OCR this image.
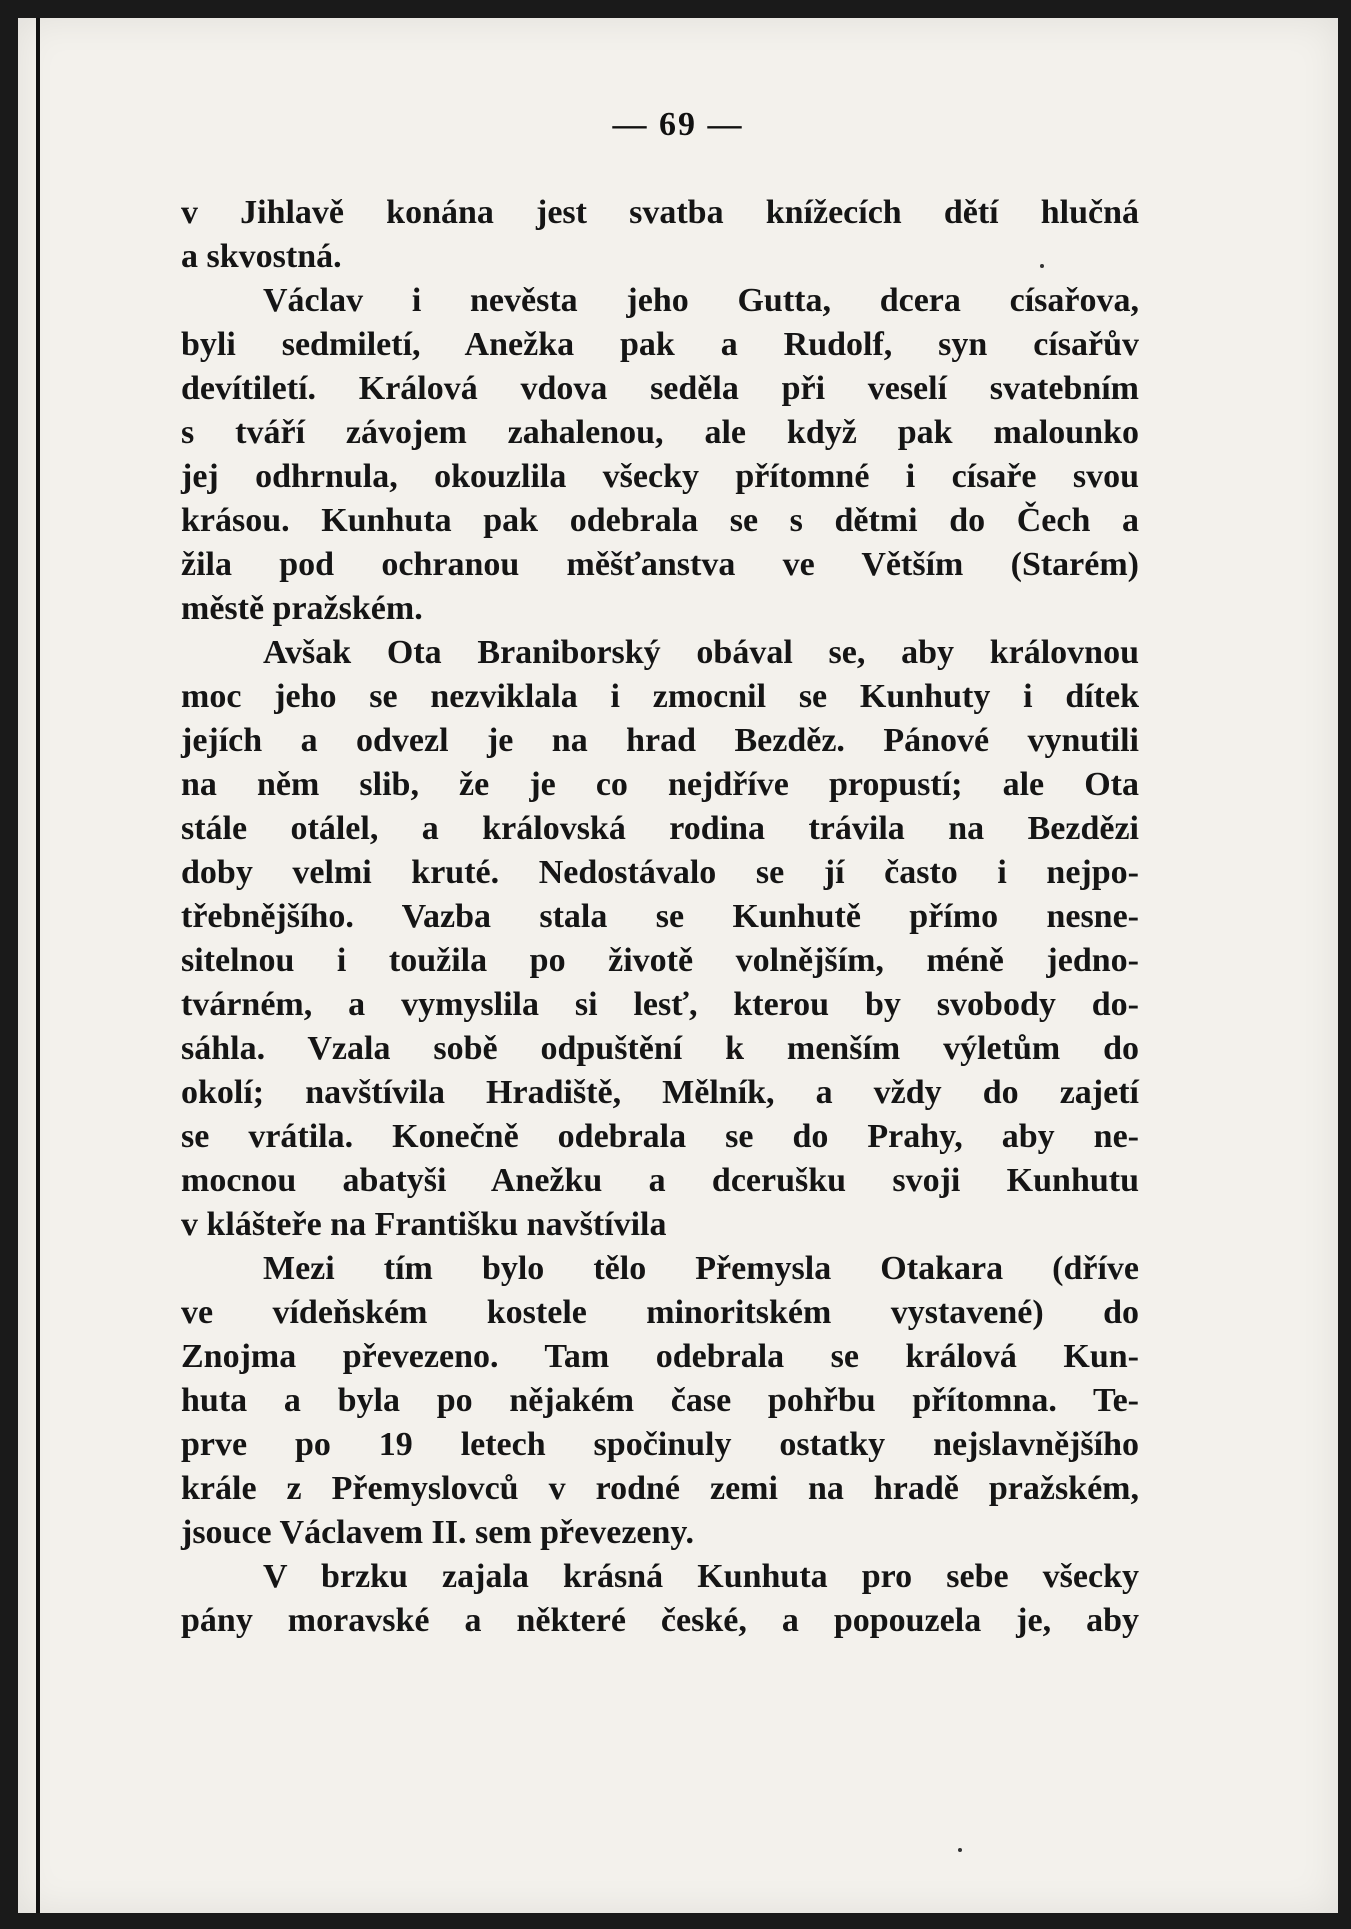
— 69 —
v Jihlavě konána jest svatba knížecích dětí hlučná
a skvostná.
Václav i nevěsta jeho Gutta, dcera císařova,
byli sedmiletí, Anežka pak a Rudolf, syn císařův
devítiletí. Králová vdova seděla při veselí svatebním
s tváří závojem zahalenou, ale když pak malounko
jej odhrnula, okouzlila všecky přítomné i císaře svou
krásou. Kunhuta pak odebrala se s dětmi do Čech a
žila pod ochranou měšťanstva ve Větším (Starém)
městě pražském.
Avšak Ota Braniborský obával se, aby královnou
moc jeho se nezviklala i zmocnil se Kunhuty i dítek
jejích a odvezl je na hrad Bezděz. Pánové vynutili
na něm slib, že je co nejdříve propustí; ale Ota
stále otálel, a královská rodina trávila na Bezdězi
doby velmi kruté. Nedostávalo se jí často i nejpo-
třebnějšího. Vazba stala se Kunhutě přímo nesne-
sitelnou i toužila po životě volnějším, méně jedno-
tvárném, a vymyslila si lesť, kterou by svobody do-
sáhla. Vzala sobě odpuštění k menším výletům do
okolí; navštívila Hradiště, Mělník, a vždy do zajetí
se vrátila. Konečně odebrala se do Prahy, aby ne-
mocnou abatyši Anežku a dcerušku svoji Kunhutu
v klášteře na Františku navštívila
Mezi tím bylo tělo Přemysla Otakara (dříve
ve vídeňském kostele minoritském vystavené) do
Znojma převezeno. Tam odebrala se králová Kun-
huta a byla po nějakém čase pohřbu přítomna. Te-
prve po 19 letech spočinuly ostatky nejslavnějšího
krále z Přemyslovců v rodné zemi na hradě pražském,
jsouce Václavem II. sem převezeny.
V brzku zajala krásná Kunhuta pro sebe všecky
pány moravské a některé české, a popouzela je, aby
